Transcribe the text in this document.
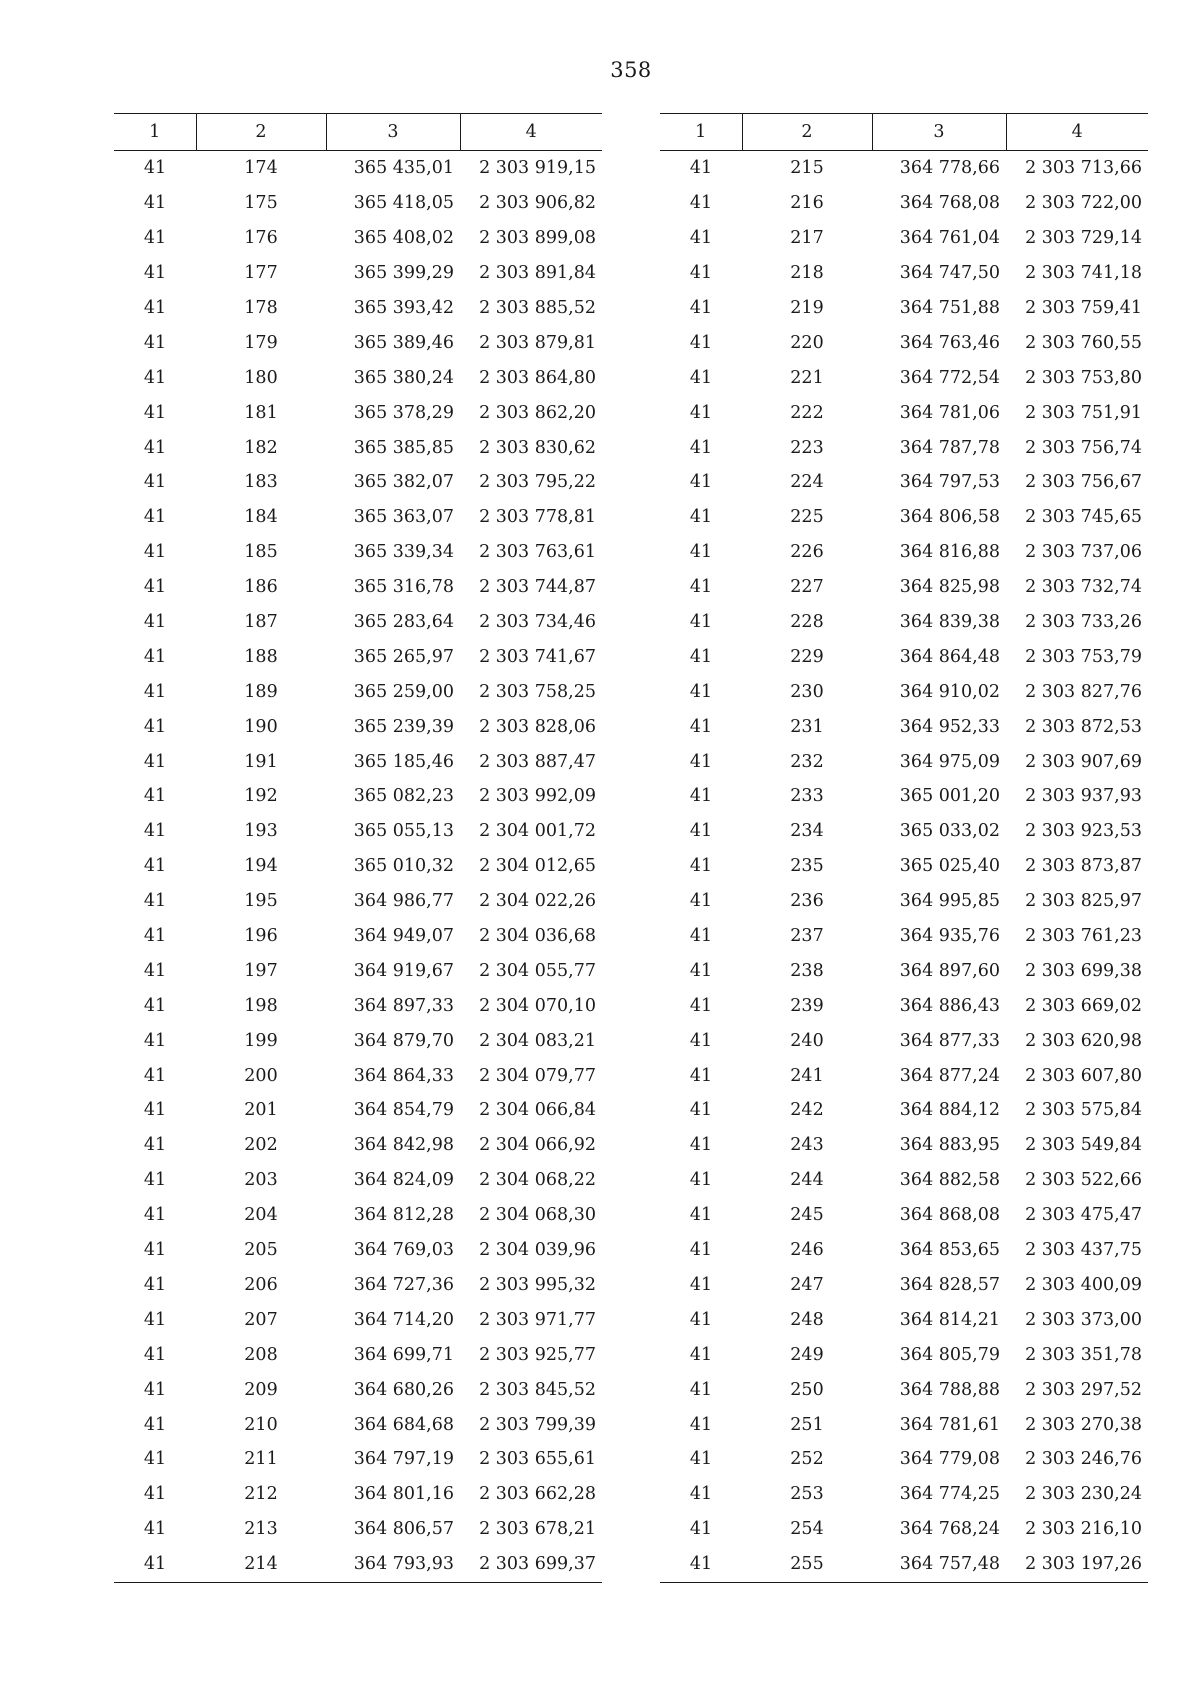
358
1	2	3	4
41	174	365 435,01	2 303 919,15
41	175	365 418,05	2 303 906,82
41	176	365 408,02	2 303 899,08
41	177	365 399,29	2 303 891,84
41	178	365 393,42	2 303 885,52
41	179	365 389,46	2 303 879,81
41	180	365 380,24	2 303 864,80
41	181	365 378,29	2 303 862,20
41	182	365 385,85	2 303 830,62
41	183	365 382,07	2 303 795,22
41	184	365 363,07	2 303 778,81
41	185	365 339,34	2 303 763,61
41	186	365 316,78	2 303 744,87
41	187	365 283,64	2 303 734,46
41	188	365 265,97	2 303 741,67
41	189	365 259,00	2 303 758,25
41	190	365 239,39	2 303 828,06
41	191	365 185,46	2 303 887,47
41	192	365 082,23	2 303 992,09
41	193	365 055,13	2 304 001,72
41	194	365 010,32	2 304 012,65
41	195	364 986,77	2 304 022,26
41	196	364 949,07	2 304 036,68
41	197	364 919,67	2 304 055,77
41	198	364 897,33	2 304 070,10
41	199	364 879,70	2 304 083,21
41	200	364 864,33	2 304 079,77
41	201	364 854,79	2 304 066,84
41	202	364 842,98	2 304 066,92
41	203	364 824,09	2 304 068,22
41	204	364 812,28	2 304 068,30
41	205	364 769,03	2 304 039,96
41	206	364 727,36	2 303 995,32
41	207	364 714,20	2 303 971,77
41	208	364 699,71	2 303 925,77
41	209	364 680,26	2 303 845,52
41	210	364 684,68	2 303 799,39
41	211	364 797,19	2 303 655,61
41	212	364 801,16	2 303 662,28
41	213	364 806,57	2 303 678,21
41	214	364 793,93	2 303 699,37
1	2	3	4
41	215	364 778,66	2 303 713,66
41	216	364 768,08	2 303 722,00
41	217	364 761,04	2 303 729,14
41	218	364 747,50	2 303 741,18
41	219	364 751,88	2 303 759,41
41	220	364 763,46	2 303 760,55
41	221	364 772,54	2 303 753,80
41	222	364 781,06	2 303 751,91
41	223	364 787,78	2 303 756,74
41	224	364 797,53	2 303 756,67
41	225	364 806,58	2 303 745,65
41	226	364 816,88	2 303 737,06
41	227	364 825,98	2 303 732,74
41	228	364 839,38	2 303 733,26
41	229	364 864,48	2 303 753,79
41	230	364 910,02	2 303 827,76
41	231	364 952,33	2 303 872,53
41	232	364 975,09	2 303 907,69
41	233	365 001,20	2 303 937,93
41	234	365 033,02	2 303 923,53
41	235	365 025,40	2 303 873,87
41	236	364 995,85	2 303 825,97
41	237	364 935,76	2 303 761,23
41	238	364 897,60	2 303 699,38
41	239	364 886,43	2 303 669,02
41	240	364 877,33	2 303 620,98
41	241	364 877,24	2 303 607,80
41	242	364 884,12	2 303 575,84
41	243	364 883,95	2 303 549,84
41	244	364 882,58	2 303 522,66
41	245	364 868,08	2 303 475,47
41	246	364 853,65	2 303 437,75
41	247	364 828,57	2 303 400,09
41	248	364 814,21	2 303 373,00
41	249	364 805,79	2 303 351,78
41	250	364 788,88	2 303 297,52
41	251	364 781,61	2 303 270,38
41	252	364 779,08	2 303 246,76
41	253	364 774,25	2 303 230,24
41	254	364 768,24	2 303 216,10
41	255	364 757,48	2 303 197,26
